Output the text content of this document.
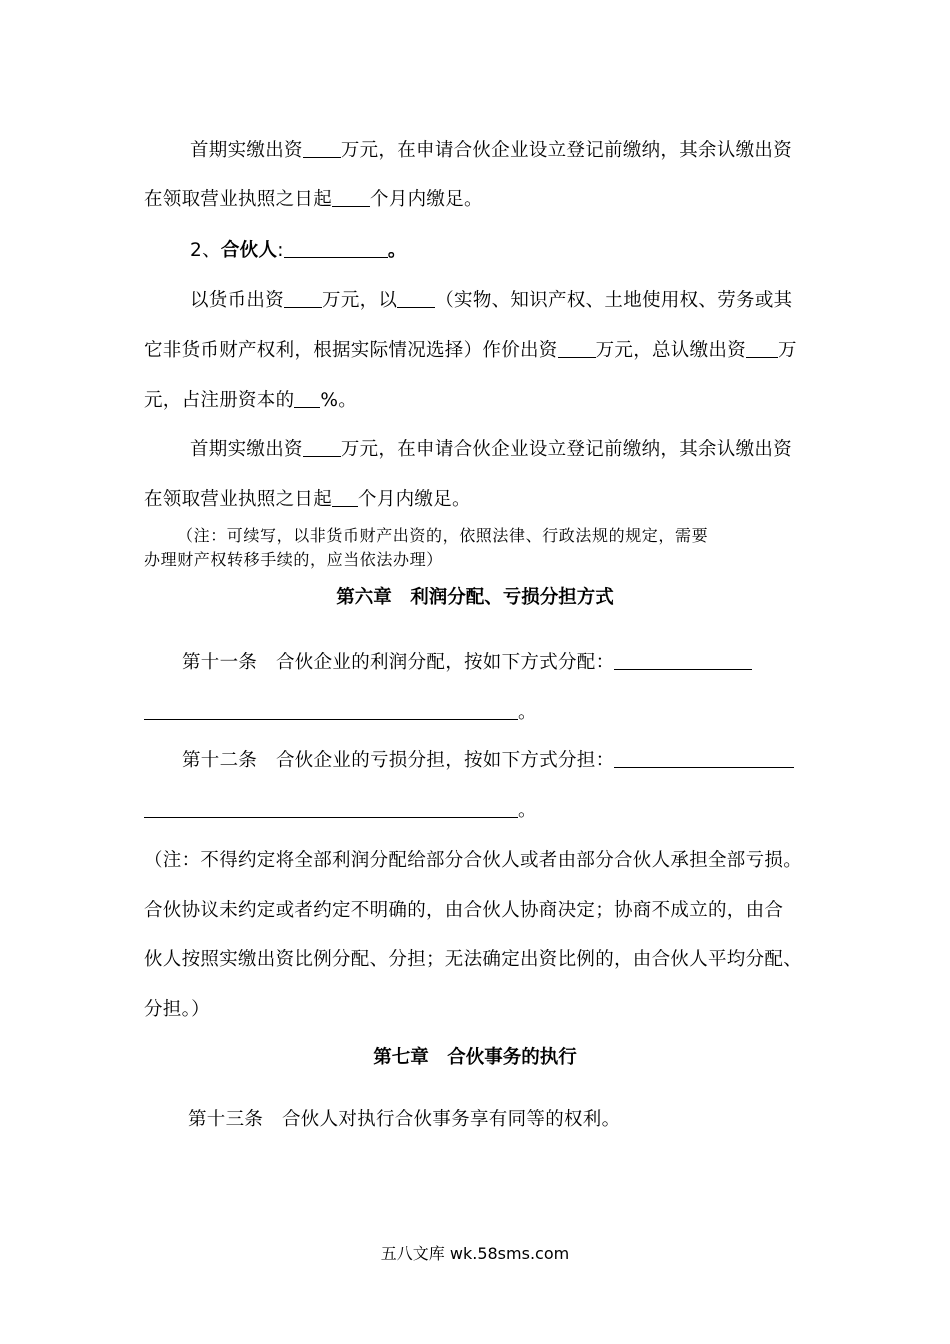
首期实缴出资 万元，在申请合伙企业设立登记前缴纳，其余认缴出资
在领取营业执照之日起 个月内缴足。
2、合伙人:	。
以货币出资 万元，以 （实物、知识产权、土地使用权、劳务或其
它非货币财产权利，根据实际情况选择）作价出资 万元，总认缴出资 万
元，占注册资本的 %。
首期实缴出资 万元，在申请合伙企业设立登记前缴纳，其余认缴出资
在领取营业执照之日起 个月内缴足。
（注：可续写，以非货币财产出资的，依照法律、行政法规的规定，需要
办理财产权转移手续的，应当依法办理）
第六章　利润分配、亏损分担方式
第十一条　合伙企业的利润分配，按如下方式分配：
。
第十二条　合伙企业的亏损分担，按如下方式分担：
。
（注：不得约定将全部利润分配给部分合伙人或者由部分合伙人承担全部亏损。
合伙协议未约定或者约定不明确的，由合伙人协商决定；协商不成立的，由合
伙人按照实缴出资比例分配、分担；无法确定出资比例的，由合伙人平均分配、
分担。）
第七章　合伙事务的执行
第十三条　合伙人对执行合伙事务享有同等的权利。
五八文库 wk.58sms.com
